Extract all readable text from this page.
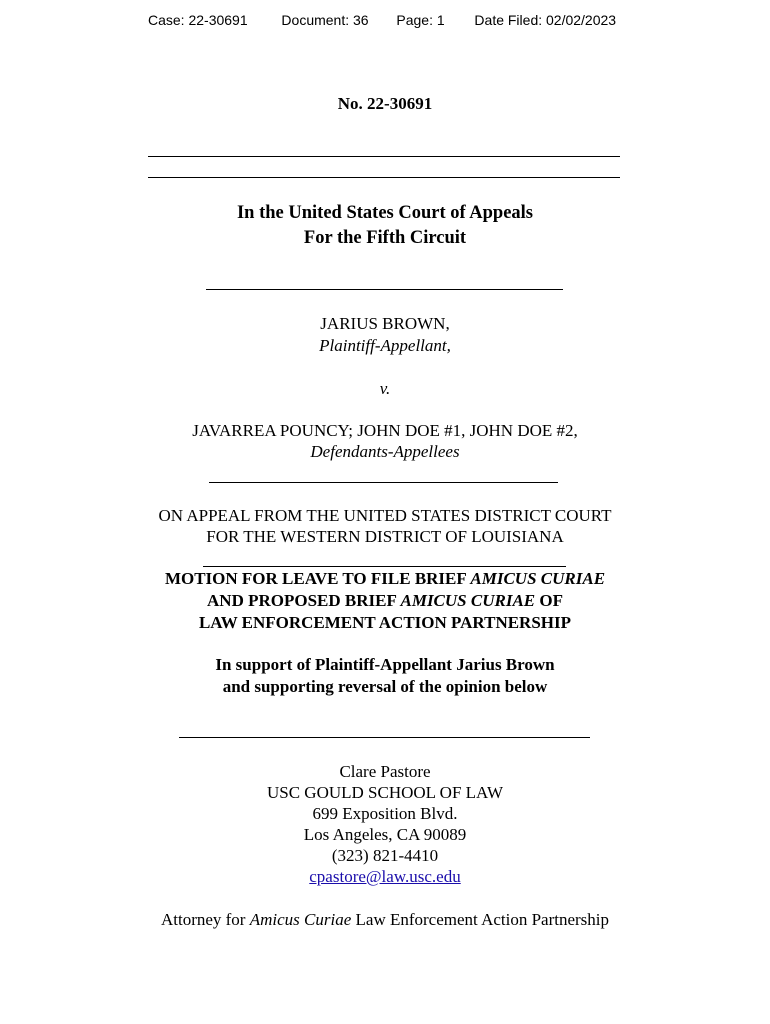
Case: 22-30691 Document: 36 Page: 1 Date Filed: 02/02/2023
No. 22-30691
In the United States Court of Appeals
For the Fifth Circuit
JARIUS BROWN,
Plaintiff-Appellant,
v.
JAVARREA POUNCY; JOHN DOE #1, JOHN DOE #2,
Defendants-Appellees
ON APPEAL FROM THE UNITED STATES DISTRICT COURT
FOR THE WESTERN DISTRICT OF LOUISIANA
MOTION FOR LEAVE TO FILE BRIEF AMICUS CURIAE
AND PROPOSED BRIEF AMICUS CURIAE OF
LAW ENFORCEMENT ACTION PARTNERSHIP
In support of Plaintiff-Appellant Jarius Brown
and supporting reversal of the opinion below
Clare Pastore
USC GOULD SCHOOL OF LAW
699 Exposition Blvd.
Los Angeles, CA 90089
(323) 821-4410
cpastore@law.usc.edu
Attorney for Amicus Curiae Law Enforcement Action Partnership
